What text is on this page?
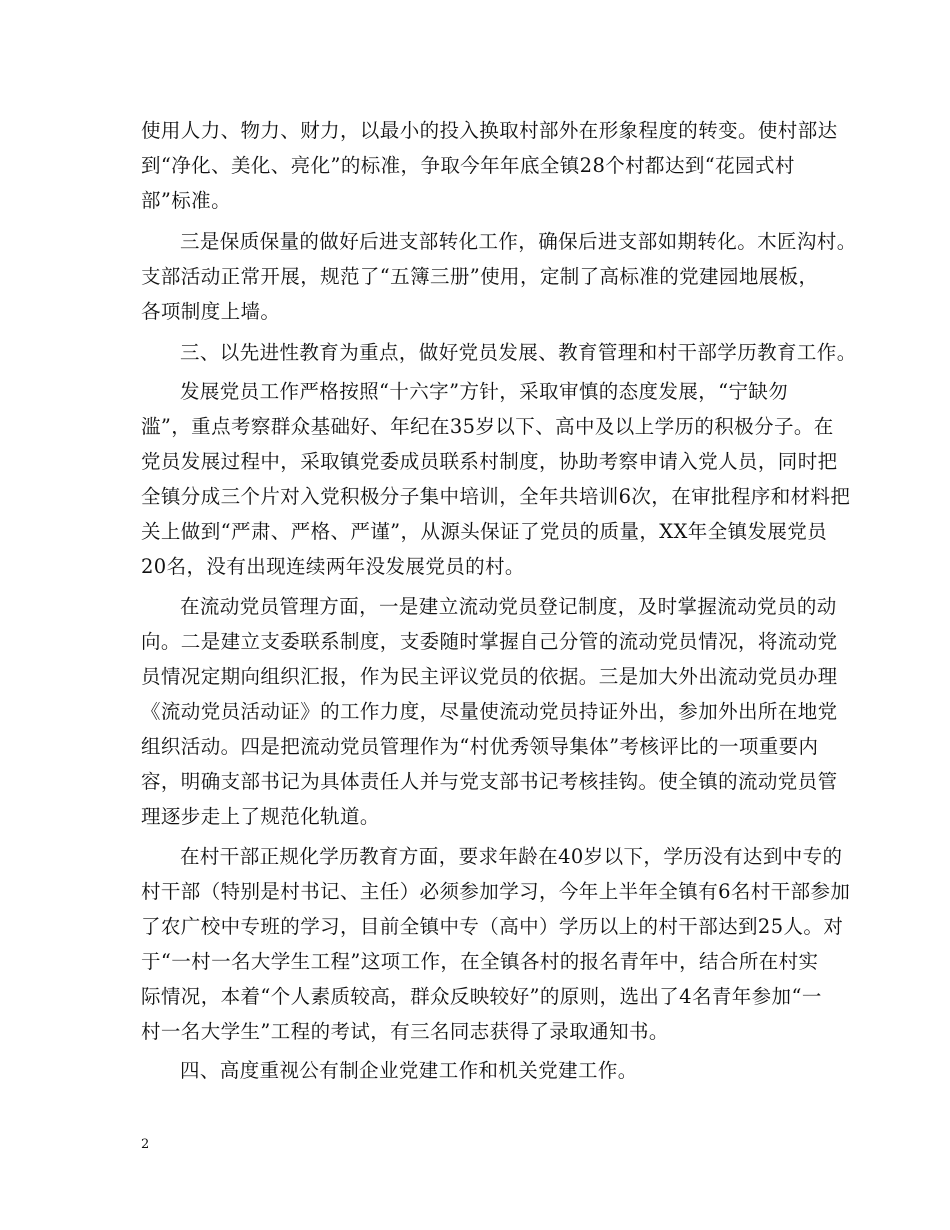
使用人力、物力、财力，以最小的投入换取村部外在形象程度的转变。使村部达
到“净化、美化、亮化”的标准，争取今年年底全镇28个村都达到“花园式村
部”标准。
三是保质保量的做好后进支部转化工作，确保后进支部如期转化。木匠沟村。
支部活动正常开展，规范了“五簿三册”使用，定制了高标准的党建园地展板，
各项制度上墙。
三、以先进性教育为重点，做好党员发展、教育管理和村干部学历教育工作。
发展党员工作严格按照“十六字”方针，采取审慎的态度发展，“宁缺勿
滥”，重点考察群众基础好、年纪在35岁以下、高中及以上学历的积极分子。在
党员发展过程中，采取镇党委成员联系村制度，协助考察申请入党人员，同时把
全镇分成三个片对入党积极分子集中培训，全年共培训6次，在审批程序和材料把
关上做到“严肃、严格、严谨”，从源头保证了党员的质量，XX年全镇发展党员
20名，没有出现连续两年没发展党员的村。
在流动党员管理方面，一是建立流动党员登记制度，及时掌握流动党员的动
向。二是建立支委联系制度，支委随时掌握自己分管的流动党员情况，将流动党
员情况定期向组织汇报，作为民主评议党员的依据。三是加大外出流动党员办理
《流动党员活动证》的工作力度，尽量使流动党员持证外出，参加外出所在地党
组织活动。四是把流动党员管理作为“村优秀领导集体”考核评比的一项重要内
容，明确支部书记为具体责任人并与党支部书记考核挂钩。使全镇的流动党员管
理逐步走上了规范化轨道。
在村干部正规化学历教育方面，要求年龄在40岁以下，学历没有达到中专的
村干部（特别是村书记、主任）必须参加学习，今年上半年全镇有6名村干部参加
了农广校中专班的学习，目前全镇中专（高中）学历以上的村干部达到25人。对
于“一村一名大学生工程”这项工作，在全镇各村的报名青年中，结合所在村实
际情况，本着“个人素质较高，群众反映较好”的原则，选出了4名青年参加“一
村一名大学生”工程的考试，有三名同志获得了录取通知书。
四、高度重视公有制企业党建工作和机关党建工作。
2
